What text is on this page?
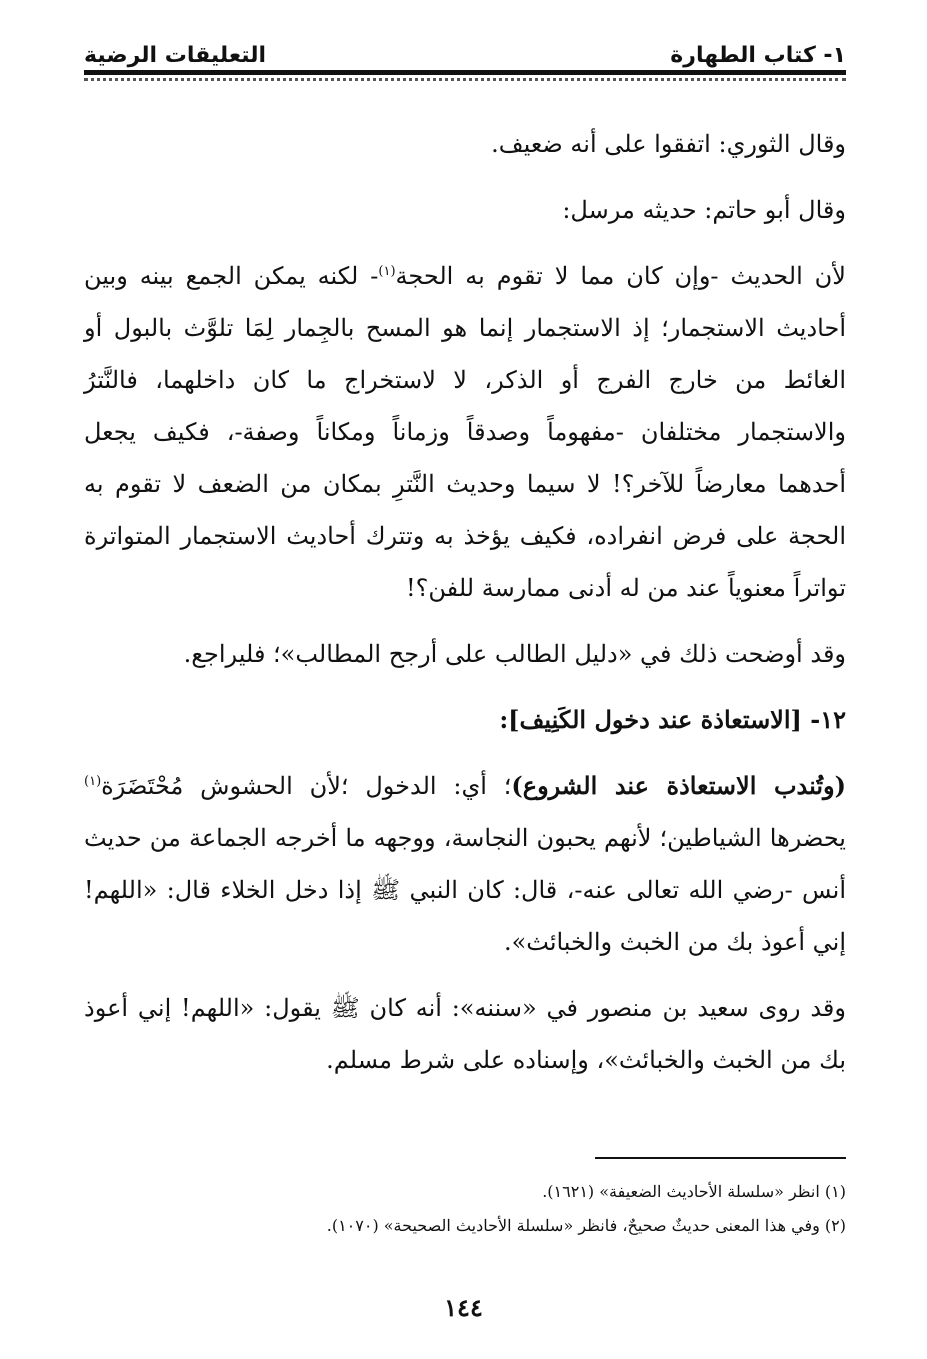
التعليقات الرضية	١- كتاب الطهارة

وقال الثوري: اتفقوا على أنه ضعيف.

وقال أبو حاتم: حديثه مرسل:

لأن الحديث -وإن كان مما لا تقوم به الحجة$^{(١)}$- لكنه يمكن الجمع بينه وبين أحاديث الاستجمار؛ إذ الاستجمار إنما هو المسح بالجِمار لِمَا تلوَّث بالبول أو الغائط من خارج الفرج أو الذكر، لا لاستخراج ما كان داخلهما، فالنَّترُ والاستجمار مختلفان -مفهوماً وصدقاً وزماناً ومكاناً وصفة-، فكيف يجعل أحدهما معارضاً للآخر؟! لا سيما وحديث النَّترِ بمكان من الضعف لا تقوم به الحجة على فرض انفراده، فكيف يؤخذ به وتترك أحاديث الاستجمار المتواترة تواتراً معنوياً عند من له أدنى ممارسة للفن؟!

وقد أوضحت ذلك في «دليل الطالب على أرجح المطالب»؛ فليراجع.

١٢- [الاستعاذة عند دخول الكَنِيف]:

(وتُندب الاستعاذة عند الشروع)؛ أي: الدخول ؛لأن الحشوش مُحْتَضَرَة$^{(١)}$ يحضرها الشياطين؛ لأنهم يحبون النجاسة، ووجهه ما أخرجه الجماعة من حديث أنس -رضي الله تعالى عنه-، قال: كان النبي ﷺ إذا دخل الخلاء قال: «اللهم! إني أعوذ بك من الخبث والخبائث».

وقد روى سعيد بن منصور في «سننه»: أنه كان ﷺ يقول: «اللهم! إني أعوذ بك من الخبث والخبائث»، وإسناده على شرط مسلم.

(١) انظر «سلسلة الأحاديث الضعيفة» (١٦٢١).
(٢) وفي هذا المعنى حديثٌ صحيحٌ، فانظر «سلسلة الأحاديث الصحيحة» (١٠٧٠).
١٤٤
